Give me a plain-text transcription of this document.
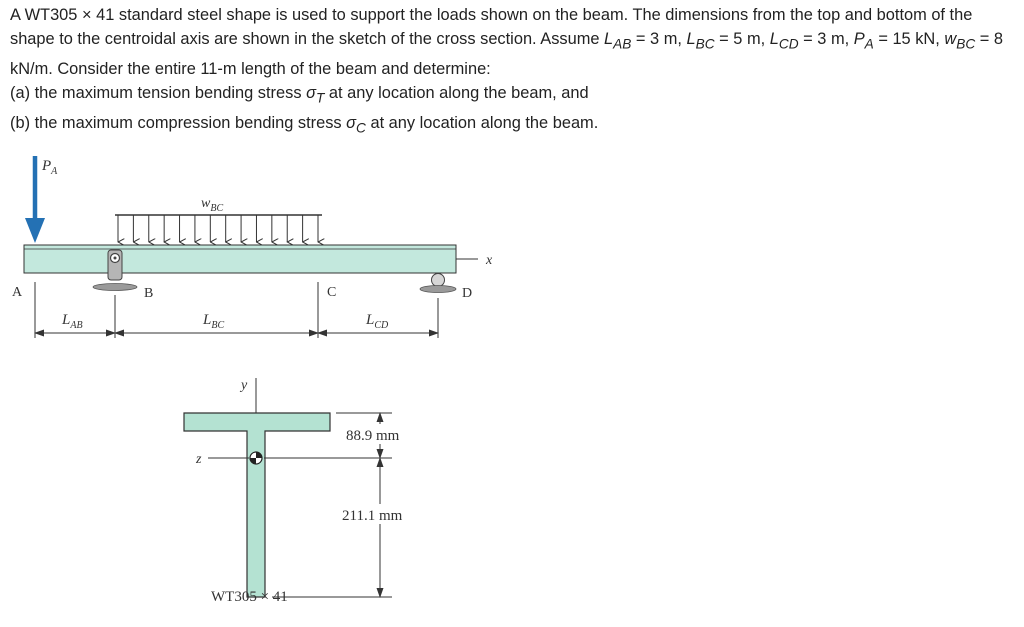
A WT305 × 41 standard steel shape is used to support the loads shown on the beam. The dimensions from the top and bottom of the shape to the centroidal axis are shown in the sketch of the cross section. Assume $L_{AB} = 3$ m, $L_{BC} = 5$ m, $L_{CD} = 3$ m, $P_A = 15$ kN, $w_{BC} = 8$ kN/m. Consider the entire 11-m length of the beam and determine:

(a) the maximum tension bending stress $\sigma_T$ at any location along the beam, and

(b) the maximum compression bending stress $\sigma_C$ at any location along the beam.

$P_A$
$w_{BC}$
x
B	D
A	C
$L_{AB}$	$L_{BC}$	$L_{CD}$
y
z
88.9 mm
211.1 mm
WT305 × 41
